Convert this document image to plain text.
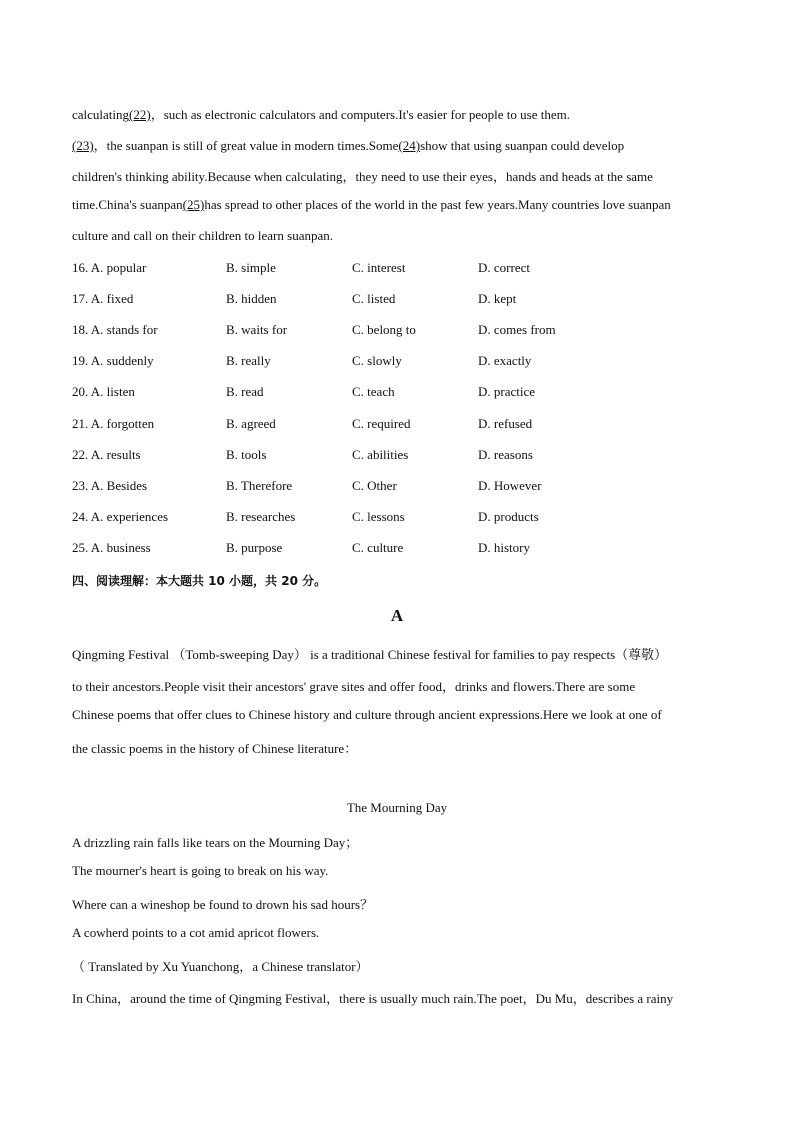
calculating(22)，such as electronic calculators and computers.It's easier for people to use them.
(23)，the suanpan is still of great value in modern times.Some(24)show that using suanpan could develop
children's thinking ability.Because when calculating，they need to use their eyes，hands and heads at the same
time.China's suanpan(25)has spread to other places of the world in the past few years.Many countries love suanpan
culture and call on their children to learn suanpan.
16. A. popular	B. simple	C. interest	D. correct
17. A. fixed	B. hidden	C. listed	D. kept
18. A. stands for	B. waits for	C. belong to	D. comes from
19. A. suddenly	B. really	C. slowly	D. exactly
20. A. listen	B. read	C. teach	D. practice
21. A. forgotten	B. agreed	C. required	D. refused
22. A. results	B. tools	C. abilities	D. reasons
23. A. Besides	B. Therefore	C. Other	D. However
24. A. experiences	B. researches	C. lessons	D. products
25. A. business	B. purpose	C. culture	D. history
四、阅读理解：本大题共 10 小题，共 20 分。
A
Qingming Festival （Tomb-sweeping Day） is a traditional Chinese festival for families to pay respects（尊敬）
to their ancestors.People visit their ancestors' grave sites and offer food，drinks and flowers.There are some
Chinese poems that offer clues to Chinese history and culture through ancient expressions.Here we look at one of
the classic poems in the history of Chinese literature：
The Mourning Day
A drizzling rain falls like tears on the Mourning Day；
The mourner's heart is going to break on his way.
Where can a wineshop be found to drown his sad hours？
A cowherd points to a cot amid apricot flowers.
（ Translated by Xu Yuanchong，a Chinese translator）
In China，around the time of Qingming Festival，there is usually much rain.The poet，Du Mu，describes a rainy
